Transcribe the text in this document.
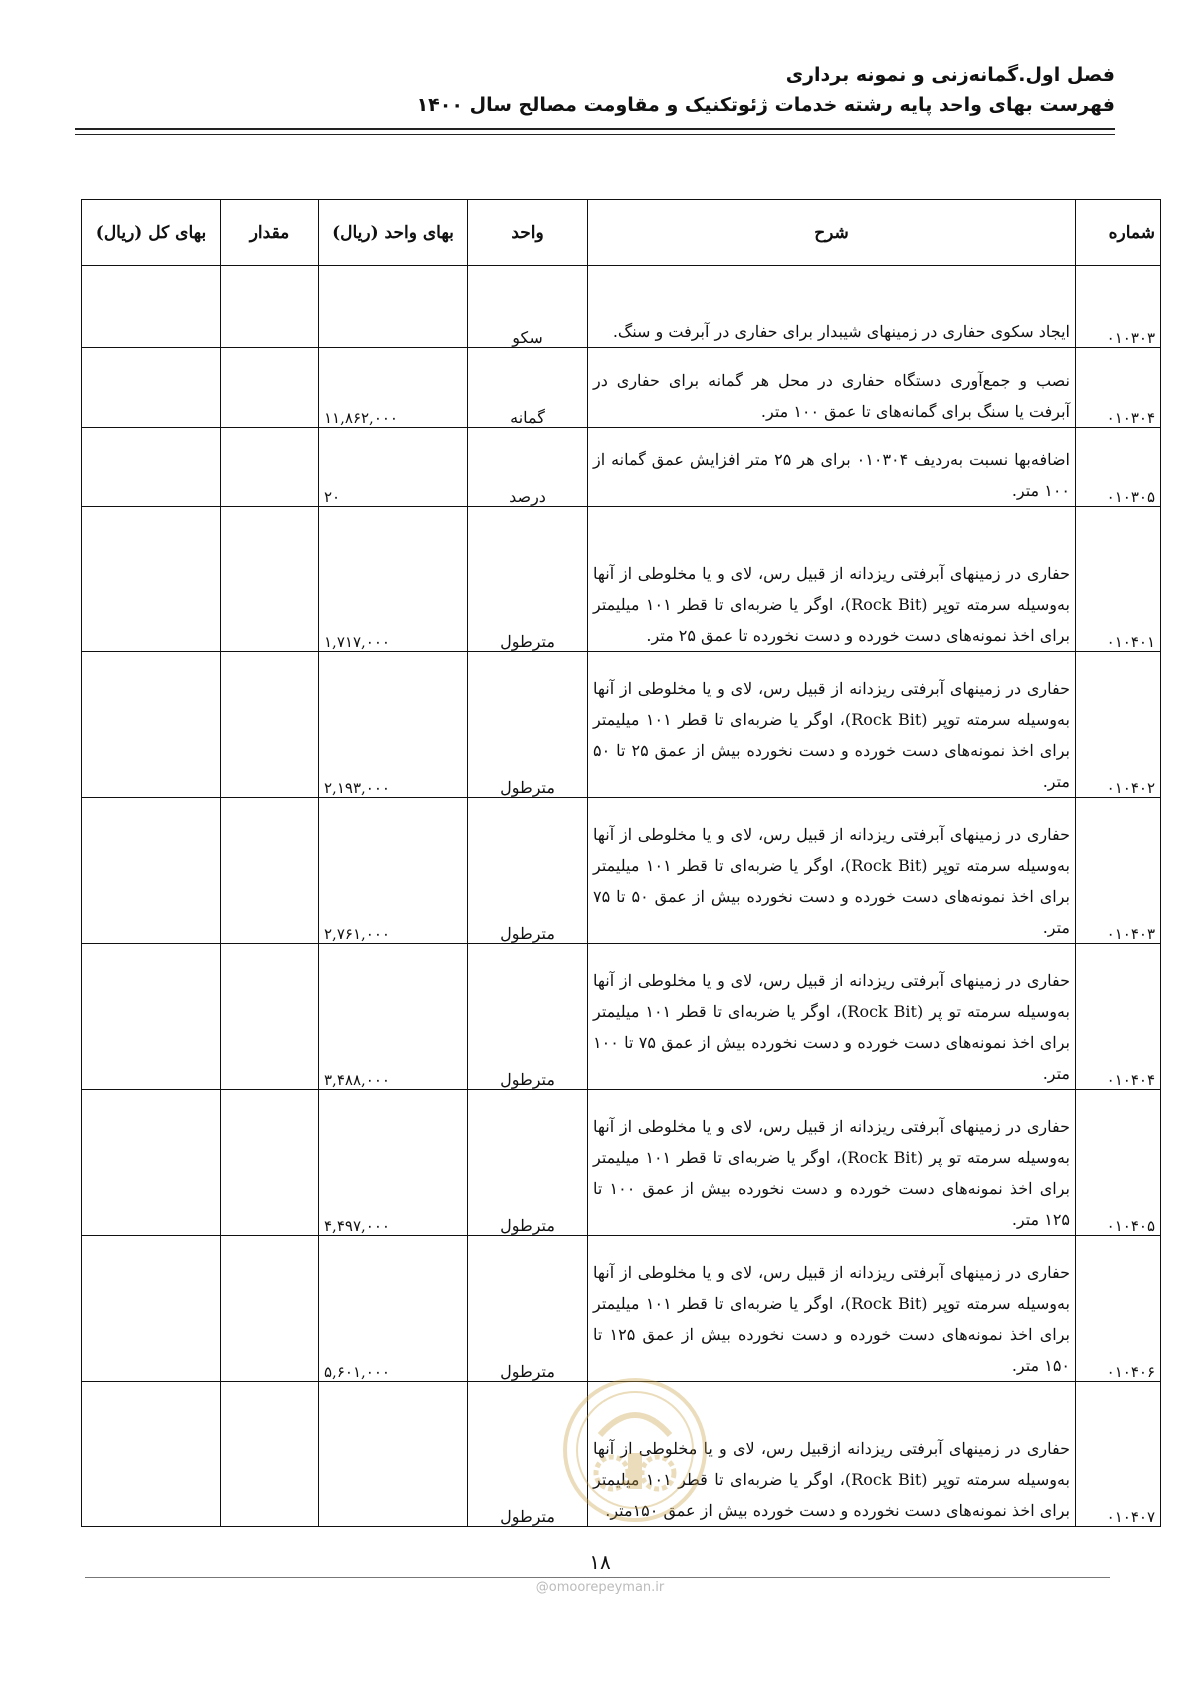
فصل اول.گمانه‌زنی و نمونه برداری
فهرست بهای واحد پایه رشته خدمات ژئوتکنیک و مقاومت مصالح سال ۱۴۰۰
شماره	شرح	واحد	بهای واحد (ریال)	مقدار	بهای کل (ریال)
۰۱۰۳۰۳	ایجاد سکوی حفاری در زمینهای شیبدار برای حفاری در آبرفت و سنگ.	سکو			
۰۱۰۳۰۴	نصب و جمع‌آوری دستگاه حفاری در محل هر گمانه برای حفاری در آبرفت یا سنگ برای گمانه‌های تا عمق ۱۰۰ متر.	گمانه	۱۱,۸۶۲,۰۰۰		
۰۱۰۳۰۵	اضافه‌بها نسبت به‌ردیف ۰۱۰۳۰۴ برای هر ۲۵ متر افزایش عمق گمانه از ۱۰۰ متر.	درصد	۲۰		
۰۱۰۴۰۱	حفاری در زمینهای آبرفتی ریزدانه از قبیل رس، لای و یا مخلوطی از آنها به‌وسیله سرمته توپر (Rock Bit)، اوگر یا ضربه‌ای تا قطر ۱۰۱ میلیمتر برای اخذ نمونه‌های دست خورده و دست نخورده تا عمق ۲۵ متر.	مترطول	۱,۷۱۷,۰۰۰		
۰۱۰۴۰۲	حفاری در زمینهای آبرفتی ریزدانه از قبیل رس، لای و یا مخلوطی از آنها به‌وسیله سرمته توپر (Rock Bit)، اوگر یا ضربه‌ای تا قطر ۱۰۱ میلیمتر برای اخذ نمونه‌های دست خورده و دست نخورده بیش از عمق ۲۵ تا ۵۰ متر.	مترطول	۲,۱۹۳,۰۰۰		
۰۱۰۴۰۳	حفاری در زمینهای آبرفتی ریزدانه از قبیل رس، لای و یا مخلوطی از آنها به‌وسیله سرمته توپر (Rock Bit)، اوگر یا ضربه‌ای تا قطر ۱۰۱ میلیمتر برای اخذ نمونه‌های دست خورده و دست نخورده بیش از عمق ۵۰ تا ۷۵ متر.	مترطول	۲,۷۶۱,۰۰۰		
۰۱۰۴۰۴	حفاری در زمینهای آبرفتی ریزدانه از قبیل رس، لای و یا مخلوطی از آنها به‌وسیله سرمته تو پر (Rock Bit)، اوگر یا ضربه‌ای تا قطر ۱۰۱ میلیمتر برای اخذ نمونه‌های دست خورده و دست نخورده بیش از عمق ۷۵ تا ۱۰۰ متر.	مترطول	۳,۴۸۸,۰۰۰		
۰۱۰۴۰۵	حفاری در زمینهای آبرفتی ریزدانه از قبیل رس، لای و یا مخلوطی از آنها به‌وسیله سرمته تو پر (Rock Bit)، اوگر یا ضربه‌ای تا قطر ۱۰۱ میلیمتر برای اخذ نمونه‌های دست خورده و دست نخورده بیش از عمق ۱۰۰ تا ۱۲۵ متر.	مترطول	۴,۴۹۷,۰۰۰		
۰۱۰۴۰۶	حفاری در زمینهای آبرفتی ریزدانه از قبیل رس، لای و یا مخلوطی از آنها به‌وسیله سرمته توپر (Rock Bit)، اوگر یا ضربه‌ای تا قطر ۱۰۱ میلیمتر برای اخذ نمونه‌های دست خورده و دست نخورده بیش از عمق ۱۲۵ تا ۱۵۰ متر.	مترطول	۵,۶۰۱,۰۰۰		
۰۱۰۴۰۷	حفاری در زمینهای آبرفتی ریزدانه ازقبیل رس، لای و یا مخلوطی از آنها به‌وسیله سرمته توپر (Rock Bit)، اوگر یا ضربه‌ای تا قطر ۱۰۱ میلیمتر برای اخذ نمونه‌های دست نخورده و دست خورده بیش از عمق ۱۵۰متر.	مترطول			
۱۸
@omoorepeyman.ir
